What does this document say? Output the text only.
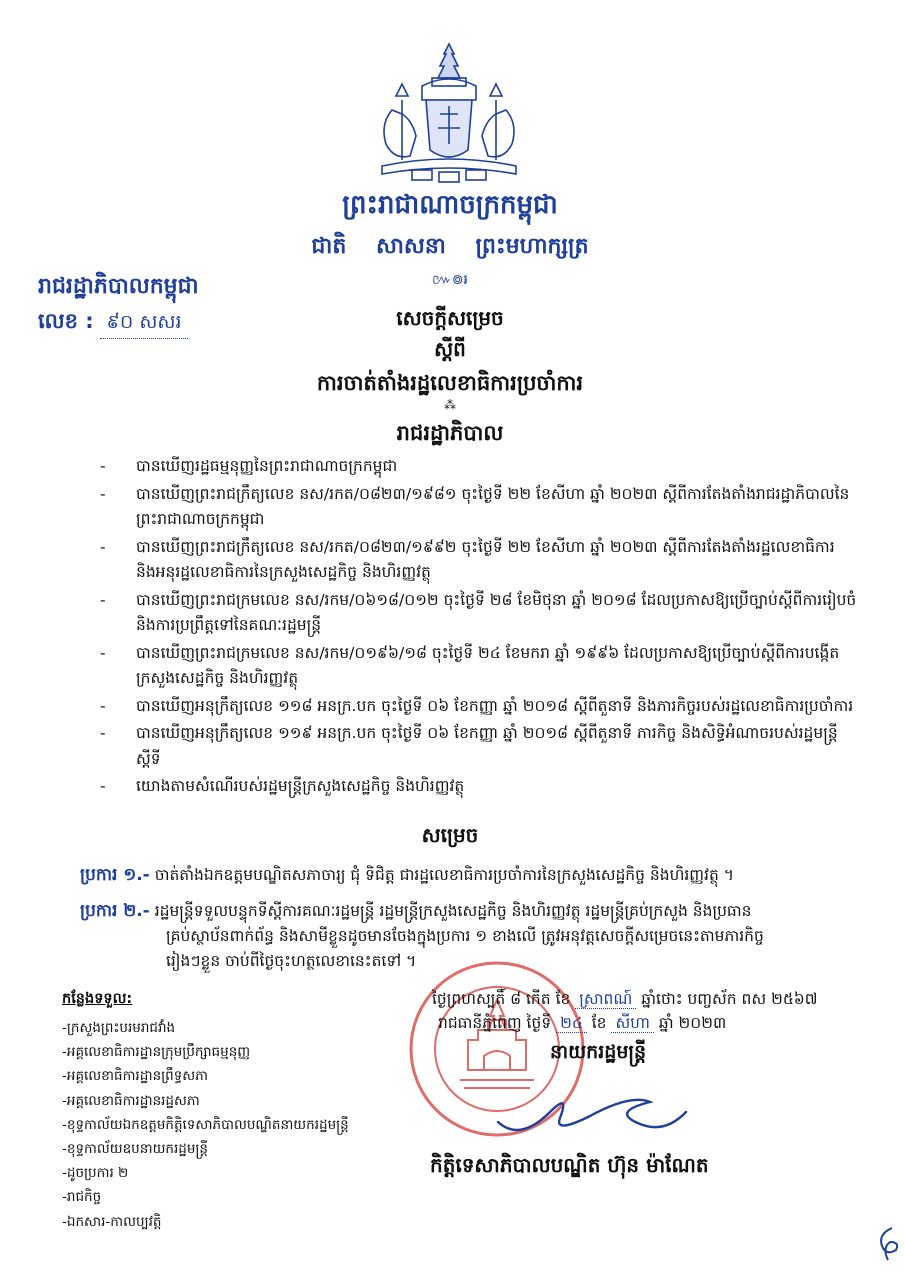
ព្រះរាជាណាចក្រកម្ពុជា
ជាតិ សាសនា ព្រះមហាក្សត្រ
៚៙៛
រាជរដ្ឋាភិបាលកម្ពុជា
លេខ : ៩០ សសរ	សេចក្ដីសម្រេច
ស្ដីពី
ការចាត់តាំងរដ្ឋលេខាធិការប្រចាំការ
⁂
រាជរដ្ឋាភិបាល
- បានឃើញរដ្ឋធម្មនុញ្ញនៃព្រះរាជាណាចក្រកម្ពុជា
- បានឃើញព្រះរាជក្រឹត្យលេខ នស/រកត/០៨២៣/១៩៨១ ចុះថ្ងៃទី ២២ ខែសីហា ឆ្នាំ ២០២៣ ស្ដីពីការតែងតាំងរាជរដ្ឋាភិបាលនៃព្រះរាជាណាចក្រកម្ពុជា
- បានឃើញព្រះរាជក្រឹត្យលេខ នស/រកត/០៨២៣/១៩៩២ ចុះថ្ងៃទី ២២ ខែសីហា ឆ្នាំ ២០២៣ ស្ដីពីការតែងតាំងរដ្ឋលេខាធិការ និងអនុរដ្ឋលេខាធិការនៃក្រសួងសេដ្ឋកិច្ច និងហិរញ្ញវត្ថុ
- បានឃើញព្រះរាជក្រមលេខ នស/រកម/០៦១៨/០១២ ចុះថ្ងៃទី ២៨ ខែមិថុនា ឆ្នាំ ២០១៨ ដែលប្រកាសឱ្យប្រើច្បាប់ស្ដីពីការរៀបចំ និងការប្រព្រឹត្តទៅនៃគណៈរដ្ឋមន្ត្រី
- បានឃើញព្រះរាជក្រមលេខ នស/រកម/០១៩៦/១៨ ចុះថ្ងៃទី ២៤ ខែមករា ឆ្នាំ ១៩៩៦ ដែលប្រកាសឱ្យប្រើច្បាប់ស្ដីពីការបង្កើតក្រសួងសេដ្ឋកិច្ច និងហិរញ្ញវត្ថុ
- បានឃើញអនុក្រឹត្យលេខ ១១៨ អនក្រ.បក ចុះថ្ងៃទី ០៦ ខែកញ្ញា ឆ្នាំ ២០១៨ ស្ដីពីតួនាទី និងភារកិច្ចរបស់រដ្ឋលេខាធិការប្រចាំការ
- បានឃើញអនុក្រឹត្យលេខ ១១៩ អនក្រ.បក ចុះថ្ងៃទី ០៦ ខែកញ្ញា ឆ្នាំ ២០១៨ ស្ដីពីតួនាទី ភារកិច្ច និងសិទ្ធិអំណាចរបស់រដ្ឋមន្ត្រីស្ដីទី
- យោងតាមសំណើរបស់រដ្ឋមន្ត្រីក្រសួងសេដ្ឋកិច្ច និងហិរញ្ញវត្ថុ
សម្រេច
ប្រការ ១.- ចាត់តាំងឯកឧត្តមបណ្ឌិតសភាចារ្យ ជុំ ទិជិត្ត ជារដ្ឋលេខាធិការប្រចាំការនៃក្រសួងសេដ្ឋកិច្ច និងហិរញ្ញវត្ថុ ។
ប្រការ ២.- រដ្ឋមន្ត្រីទទួលបន្ទុកទីស្ដីការគណៈរដ្ឋមន្ត្រី រដ្ឋមន្ត្រីក្រសួងសេដ្ឋកិច្ច និងហិរញ្ញវត្ថុ រដ្ឋមន្ត្រីគ្រប់ក្រសួង និងប្រធាន
គ្រប់ស្ថាប័នពាក់ព័ន្ធ និងសាមីខ្លួនដូចមានចែងក្នុងប្រការ ១ ខាងលើ ត្រូវអនុវត្តសេចក្ដីសម្រេចនេះតាមភារកិច្ច
រៀងៗខ្លួន ចាប់ពីថ្ងៃចុះហត្ថលេខានេះតទៅ ។
ថ្ងៃព្រហស្បតិ៍ ៨ កើត ខែ ស្រាពណ៍ ឆ្នាំថោះ បញ្ចស័ក ពស ២៥៦៧
រាជធានីភ្នំពេញ ថ្ងៃទី ២៤ ខែ សីហា ឆ្នាំ ២០២៣
នាយករដ្ឋមន្ត្រី
កិត្តិទេសាភិបាលបណ្ឌិត ហ៊ុន ម៉ាណែត
កន្លែងទទួល:
-ក្រសួងព្រះបរមរាជវាំង
-អគ្គលេខាធិការដ្ឋានក្រុមប្រឹក្សាធម្មនុញ្ញ
-អគ្គលេខាធិការដ្ឋានព្រឹទ្ធសភា
-អគ្គលេខាធិការដ្ឋានរដ្ឋសភា
-ខុទ្ទកាល័យឯកឧត្តមកិត្តិទេសាភិបាលបណ្ឌិតនាយករដ្ឋមន្ត្រី
-ខុទ្ទកាល័យឧបនាយករដ្ឋមន្ត្រី
-ដូចប្រការ ២
-រាជកិច្ច
-ឯកសារ-កាលប្បវត្តិ
